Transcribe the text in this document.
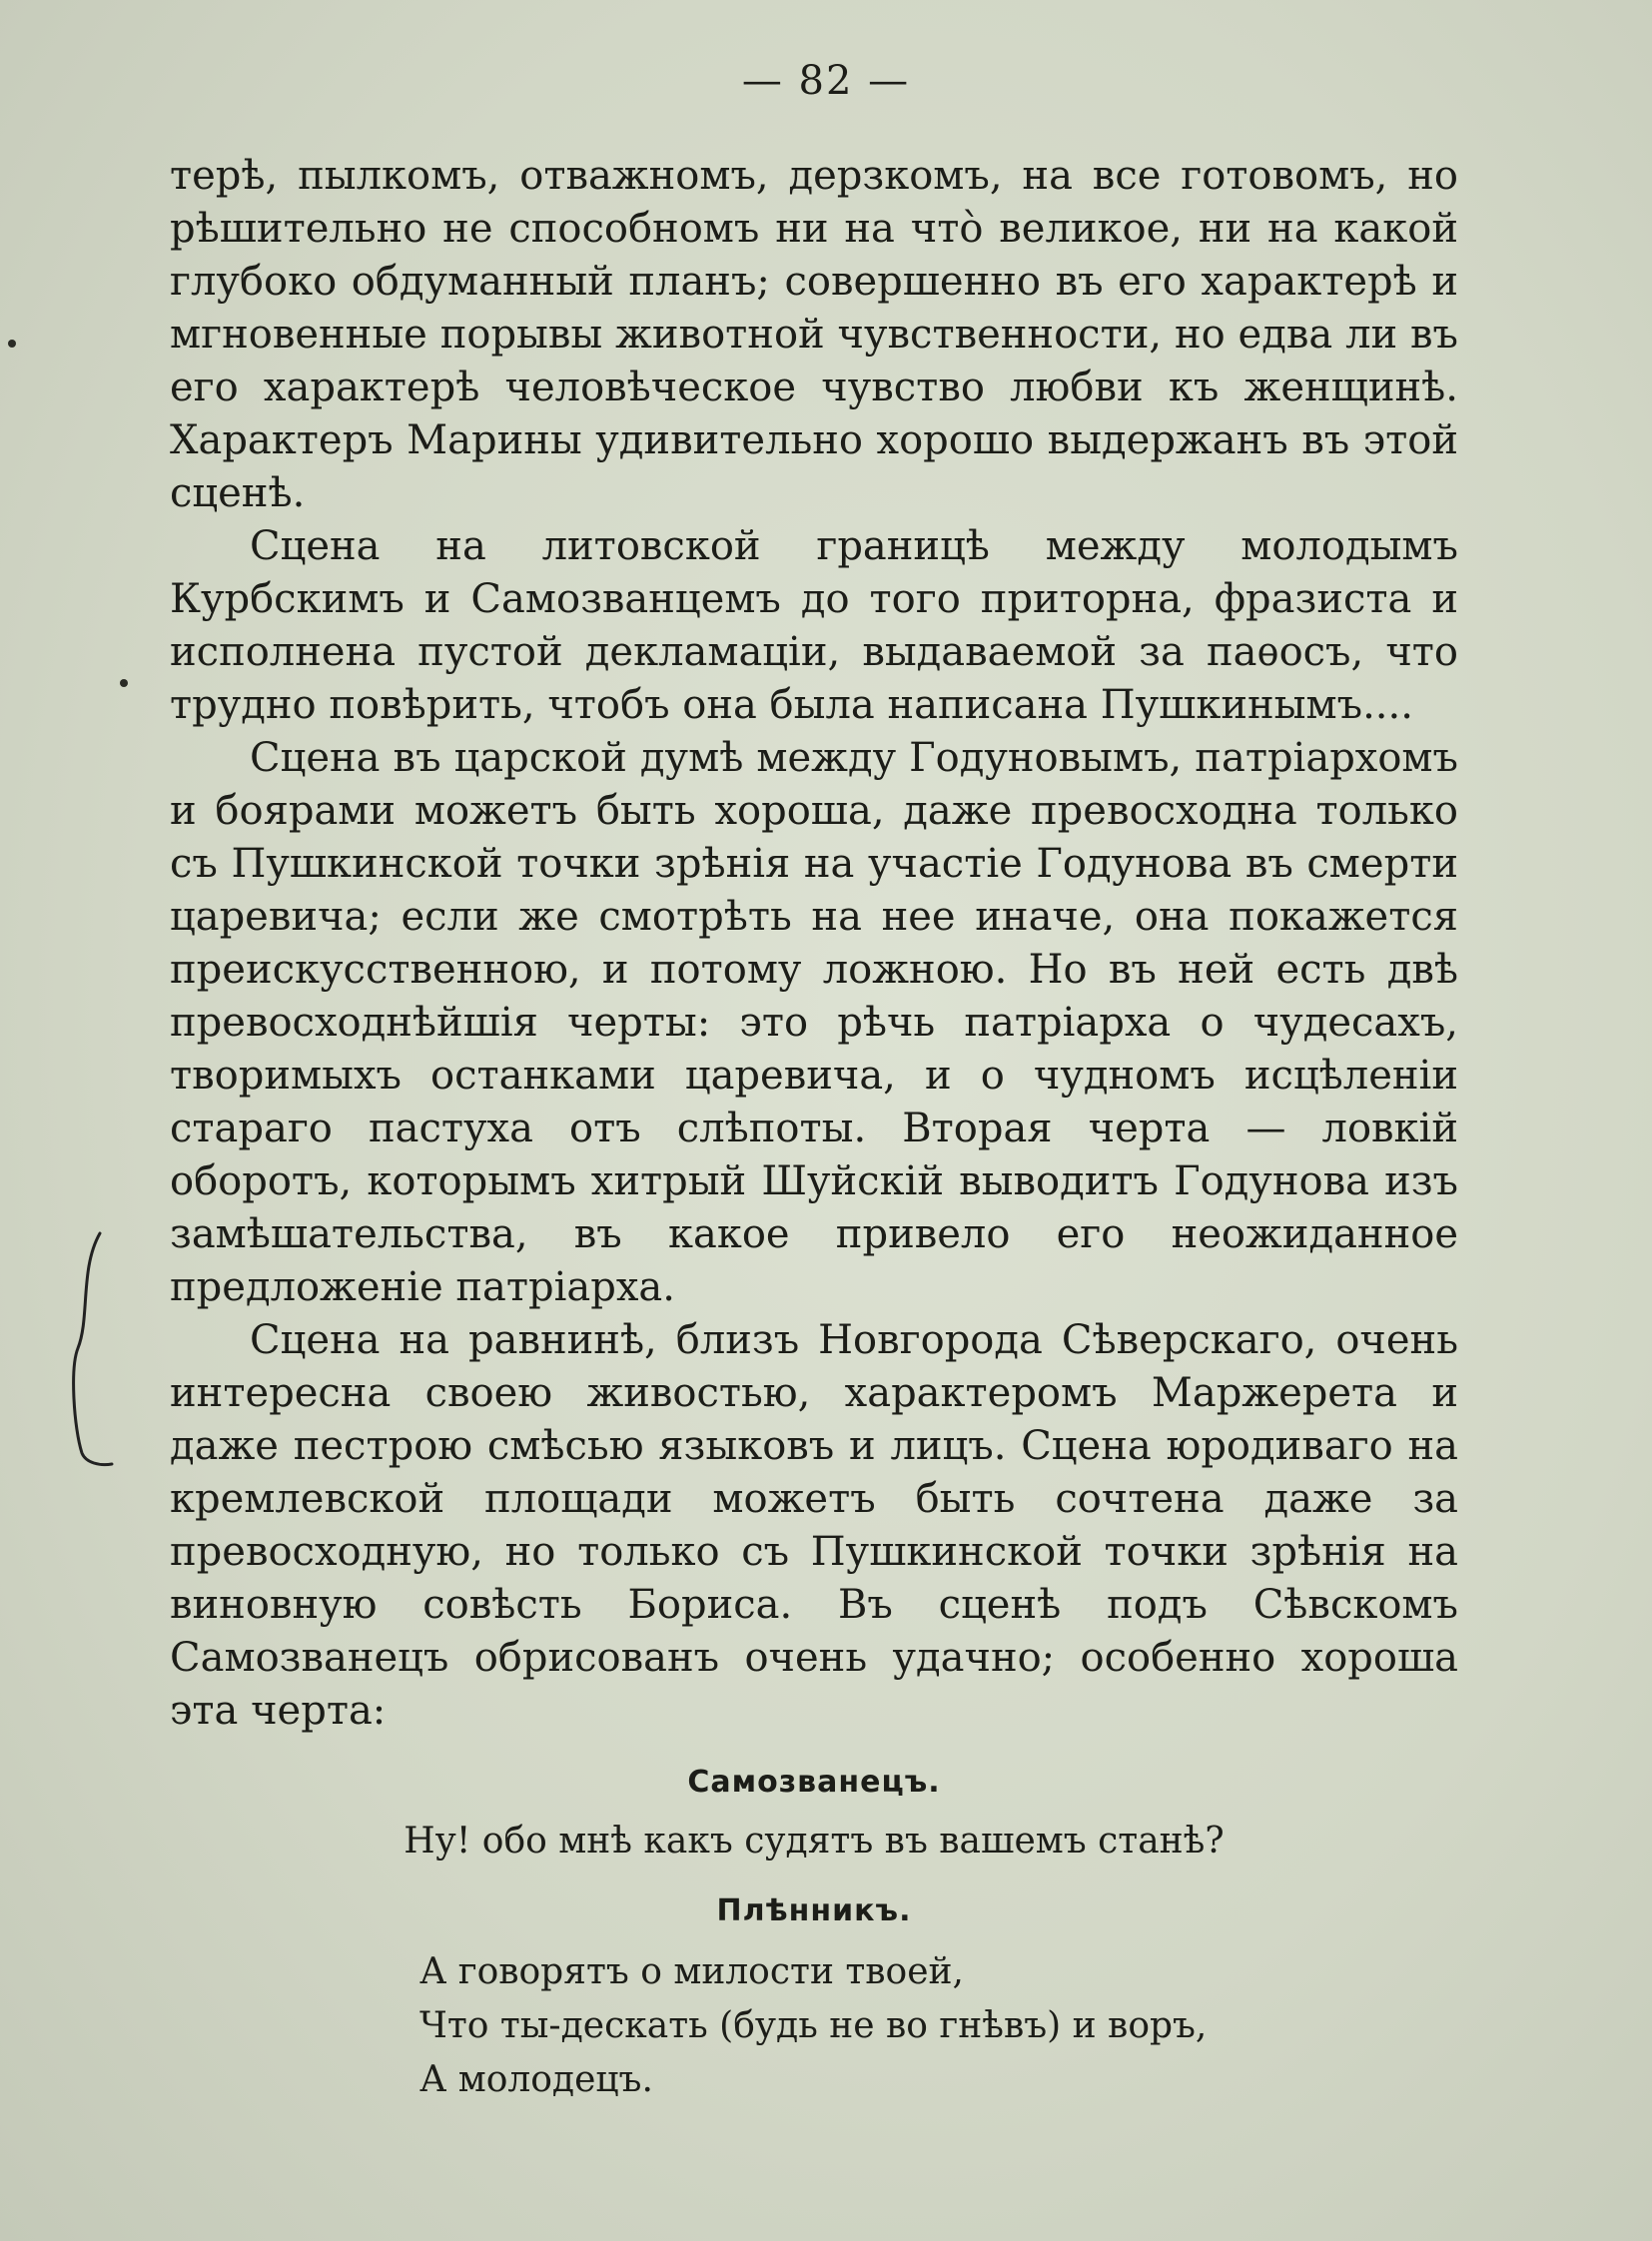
— 82 —

терѣ, пылкомъ, отважномъ, дерзкомъ, на все готовомъ, но рѣшительно не способномъ ни на что̀ великое, ни на какой глубоко обдуманный планъ; совершенно въ его характерѣ и мгновенные порывы животной чувственности, но едва ли въ его характерѣ человѣческое чувство любви къ женщинѣ. Характеръ Марины удивительно хорошо выдержанъ въ этой сценѣ.

Сцена на литовской границѣ между молодымъ Курбскимъ и Самозванцемъ до того приторна, фразиста и исполнена пустой декламаціи, выдаваемой за паѳосъ, что трудно повѣрить, чтобъ она была написана Пушкинымъ....

Сцена въ царской думѣ между Годуновымъ, патріархомъ и боярами можетъ быть хороша, даже превосходна только съ Пушкинской точки зрѣнія на участіе Годунова въ смерти царевича; если же смотрѣть на нее иначе, она покажется преискусственною, и потому ложною. Но въ ней есть двѣ превосходнѣйшія черты: это рѣчь патріарха о чудесахъ, творимыхъ останками царевича, и о чудномъ исцѣленіи стараго пастуха отъ слѣпоты. Вторая черта — ловкій оборотъ, которымъ хитрый Шуйскій выводитъ Годунова изъ замѣшательства, въ какое привело его неожиданное предложеніе патріарха.

Сцена на равнинѣ, близъ Новгорода Сѣверскаго, очень интересна своею живостью, характеромъ Маржерета и даже пестрою смѣсью языковъ и лицъ. Сцена юродиваго на кремлевской площади можетъ быть сочтена даже за превосходную, но только съ Пушкинской точки зрѣнія на виновную совѣсть Бориса. Въ сценѣ подъ Сѣвскомъ Самозванецъ обрисованъ очень удачно; особенно хороша эта черта:

Самозванецъ.
Ну! обо мнѣ какъ судятъ въ вашемъ станѣ?
Плѣнникъ.
А говорятъ о милости твоей,
Что ты-дескать (будь не во гнѣвъ) и воръ,
А молодецъ.
